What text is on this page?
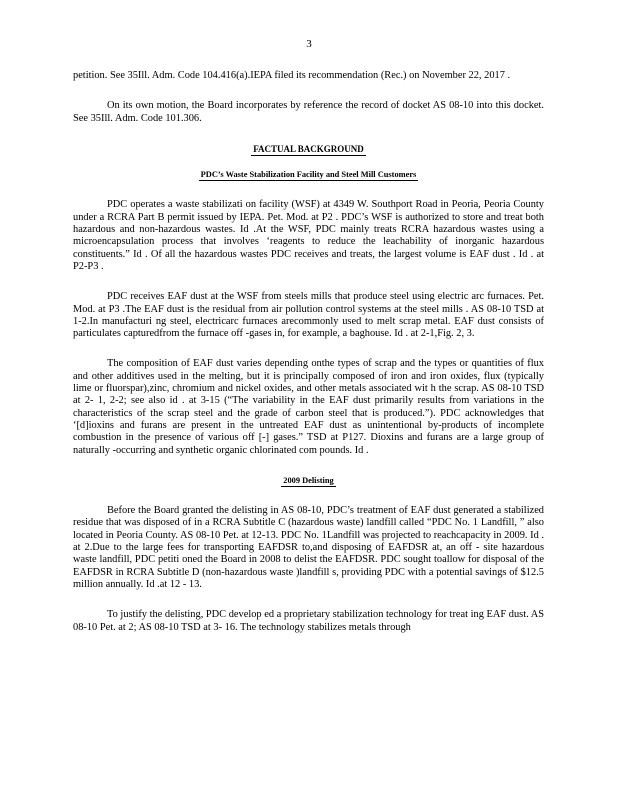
3

petition. See 35Ill. Adm. Code 104.416(a).IEPA filed its recommendation (Rec.) on November 22, 2017 .

On its own motion, the Board incorporates by reference the record of docket AS 08-10 into this docket. See 35Ill. Adm. Code 101.306.

FACTUAL BACKGROUND
PDC’s Waste Stabilization Facility and Steel Mill Customers

PDC operates a waste stabilizati on facility (WSF) at 4349 W. Southport Road in Peoria, Peoria County under a RCRA Part B permit issued by IEPA. Pet. Mod. at P2 . PDC’s WSF is authorized to store and treat both hazardous and non-hazardous wastes. Id .At the WSF, PDC mainly treats RCRA hazardous wastes using a microencapsulation process that involves ‘reagents to reduce the leachability of inorganic hazardous constituents.” Id . Of all the hazardous wastes PDC receives and treats, the largest volume is EAF dust . Id . at P2-P3 .

PDC receives EAF dust at the WSF from steels mills that produce steel using electric arc furnaces. Pet. Mod. at P3 .The EAF dust is the residual from air pollution control systems at the steel mills . AS 08-10 TSD at 1-2.In manufacturi ng steel, electricarc furnaces arecommonly used to melt scrap metal. EAF dust consists of particulates capturedfrom the furnace off -gases in, for example, a baghouse. Id . at 2-1,Fig. 2, 3.

The composition of EAF dust varies depending onthe types of scrap and the types or quantities of flux and other additives used in the melting, but it is principally composed of iron and iron oxides, flux (typically lime or fluorspar),zinc, chromium and nickel oxides, and other metals associated wit h the scrap. AS 08-10 TSD at 2- 1, 2-2; see also id . at 3-15 (“The variability in the EAF dust primarily results from variations in the characteristics of the scrap steel and the grade of carbon steel that is produced.”). PDC acknowledges that ‘[d]ioxins and furans are present in the untreated EAF dust as unintentional by-products of incomplete combustion in the presence of various off [-] gases.” TSD at P127. Dioxins and furans are a large group of naturally -occurring and synthetic organic chlorinated com pounds. Id .

2009 Delisting

Before the Board granted the delisting in AS 08-10, PDC’s treatment of EAF dust generated a stabilized residue that was disposed of in a RCRA Subtitle C (hazardous waste) landfill called “PDC No. 1 Landfill, ” also located in Peoria County. AS 08-10 Pet. at 12-13. PDC No. 1Landfill was projected to reachcapacity in 2009. Id . at 2.Due to the large fees for transporting EAFDSR to,and disposing of EAFDSR at, an off - site hazardous waste landfill, PDC petiti oned the Board in 2008 to delist the EAFDSR. PDC sought toallow for disposal of the EAFDSR in RCRA Subtitle D (non-hazardous waste )landfill s, providing PDC with a potential savings of $12.5 million annually. Id .at 12 - 13.

To justify the delisting, PDC develop ed a proprietary stabilization technology for treat ing EAF dust. AS 08-10 Pet. at 2; AS 08-10 TSD at 3- 16. The technology stabilizes metals through
